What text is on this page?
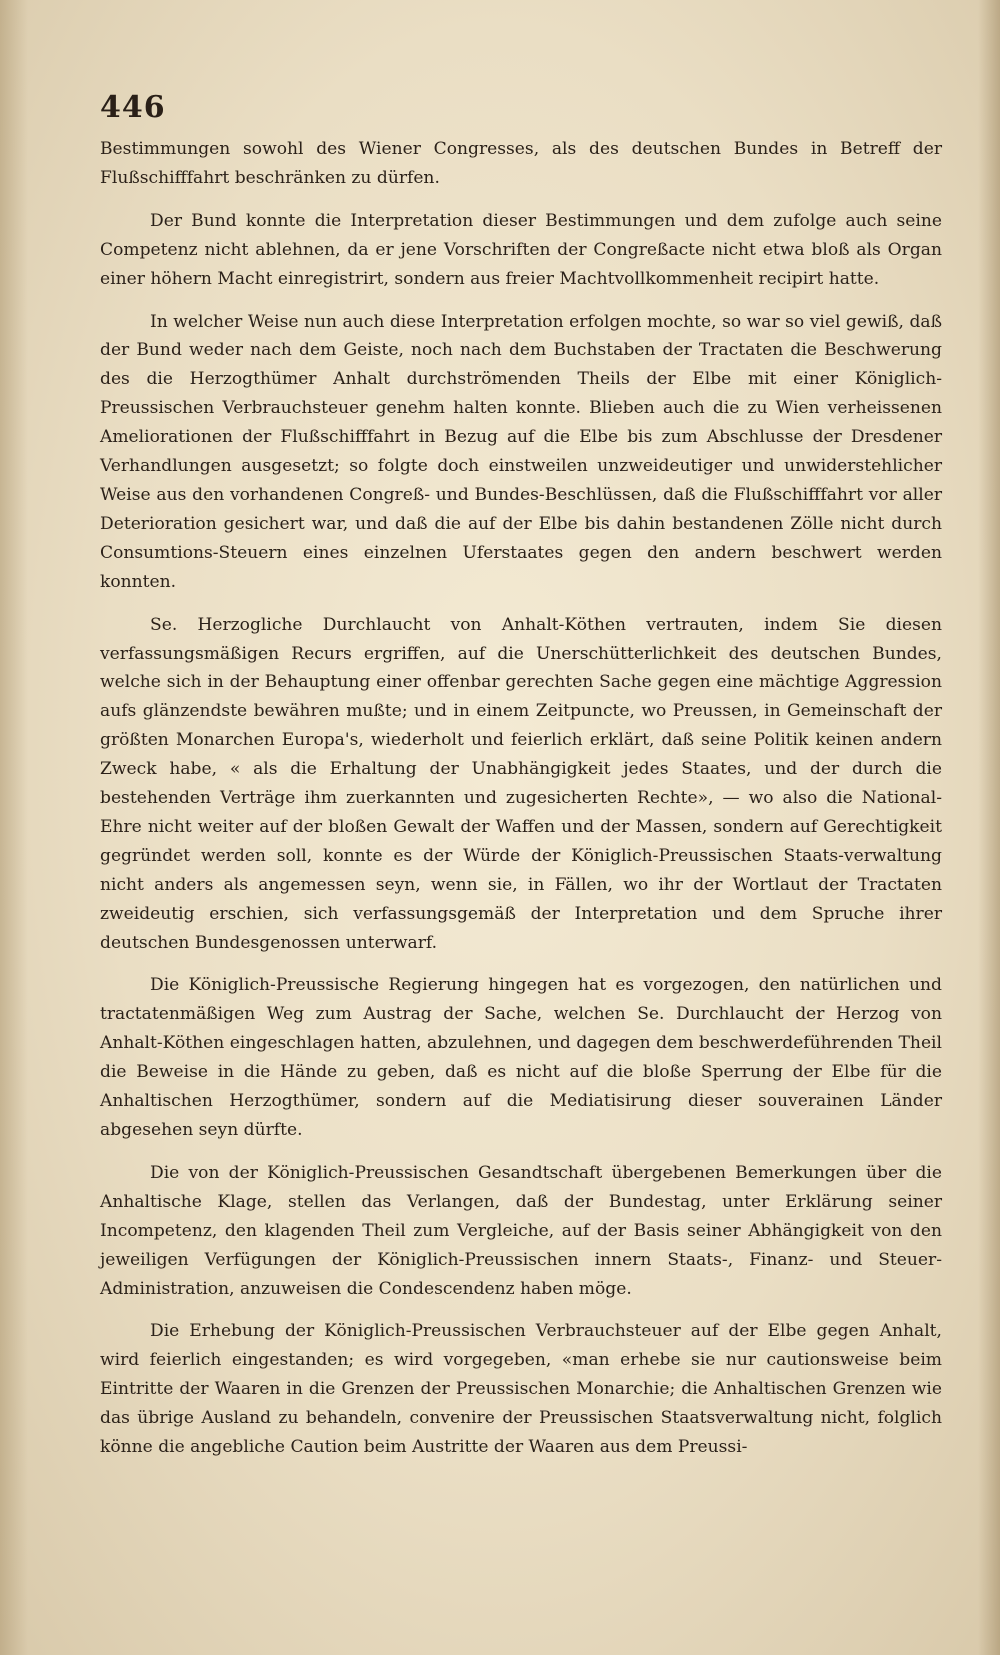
446

Bestimmungen sowohl des Wiener Congresses, als des deutschen Bundes in Betreff der Flußschifffahrt beschränken zu dürfen.

Der Bund konnte die Interpretation dieser Bestimmungen und dem zufolge auch seine Competenz nicht ablehnen, da er jene Vorschriften der Congreßacte nicht etwa bloß als Organ einer höhern Macht einregistrirt, sondern aus freier Machtvollkommenheit recipirt hatte.

In welcher Weise nun auch diese Interpretation erfolgen mochte, so war so viel gewiß, daß der Bund weder nach dem Geiste, noch nach dem Buchstaben der Tractaten die Beschwerung des die Herzogthümer Anhalt durchströmenden Theils der Elbe mit einer Königlich-Preussischen Verbrauchsteuer genehm halten konnte. Blieben auch die zu Wien verheissenen Ameliorationen der Flußschifffahrt in Bezug auf die Elbe bis zum Abschlusse der Dresdener Verhandlungen ausgesetzt; so folgte doch einstweilen unzweideutiger und unwiderstehlicher Weise aus den vorhandenen Congreß- und Bundes-Beschlüssen, daß die Flußschifffahrt vor aller Deterioration gesichert war, und daß die auf der Elbe bis dahin bestandenen Zölle nicht durch Consumtions-Steuern eines einzelnen Uferstaates gegen den andern beschwert werden konnten.

Se. Herzogliche Durchlaucht von Anhalt-Köthen vertrauten, indem Sie diesen verfassungsmäßigen Recurs ergriffen, auf die Unerschütterlichkeit des deutschen Bundes, welche sich in der Behauptung einer offenbar gerechten Sache gegen eine mächtige Aggression aufs glänzendste bewähren mußte; und in einem Zeitpuncte, wo Preussen, in Gemeinschaft der größten Monarchen Europa's, wiederholt und feierlich erklärt, daß seine Politik keinen andern Zweck habe, « als die Erhaltung der Unabhängigkeit jedes Staates, und der durch die bestehenden Verträge ihm zuerkannten und zugesicherten Rechte», — wo also die National-Ehre nicht weiter auf der bloßen Gewalt der Waffen und der Massen, sondern auf Gerechtigkeit gegründet werden soll, konnte es der Würde der Königlich-Preussischen Staats-verwaltung nicht anders als angemessen seyn, wenn sie, in Fällen, wo ihr der Wortlaut der Tractaten zweideutig erschien, sich verfassungsgemäß der Interpretation und dem Spruche ihrer deutschen Bundesgenossen unterwarf.

Die Königlich-Preussische Regierung hingegen hat es vorgezogen, den natürlichen und tractatenmäßigen Weg zum Austrag der Sache, welchen Se. Durchlaucht der Herzog von Anhalt-Köthen eingeschlagen hatten, abzulehnen, und dagegen dem beschwerdeführenden Theil die Beweise in die Hände zu geben, daß es nicht auf die bloße Sperrung der Elbe für die Anhaltischen Herzogthümer, sondern auf die Mediatisirung dieser souverainen Länder abgesehen seyn dürfte.

Die von der Königlich-Preussischen Gesandtschaft übergebenen Bemerkungen über die Anhaltische Klage, stellen das Verlangen, daß der Bundestag, unter Erklärung seiner Incompetenz, den klagenden Theil zum Vergleiche, auf der Basis seiner Abhängigkeit von den jeweiligen Verfügungen der Königlich-Preussischen innern Staats-, Finanz- und Steuer-Administration, anzuweisen die Condescendenz haben möge.

Die Erhebung der Königlich-Preussischen Verbrauchsteuer auf der Elbe gegen Anhalt, wird feierlich eingestanden; es wird vorgegeben, «man erhebe sie nur cautionsweise beim Eintritte der Waaren in die Grenzen der Preussischen Monarchie; die Anhaltischen Grenzen wie das übrige Ausland zu behandeln, convenire der Preussischen Staatsverwaltung nicht, folglich könne die angebliche Caution beim Austritte der Waaren aus dem Preussi-
